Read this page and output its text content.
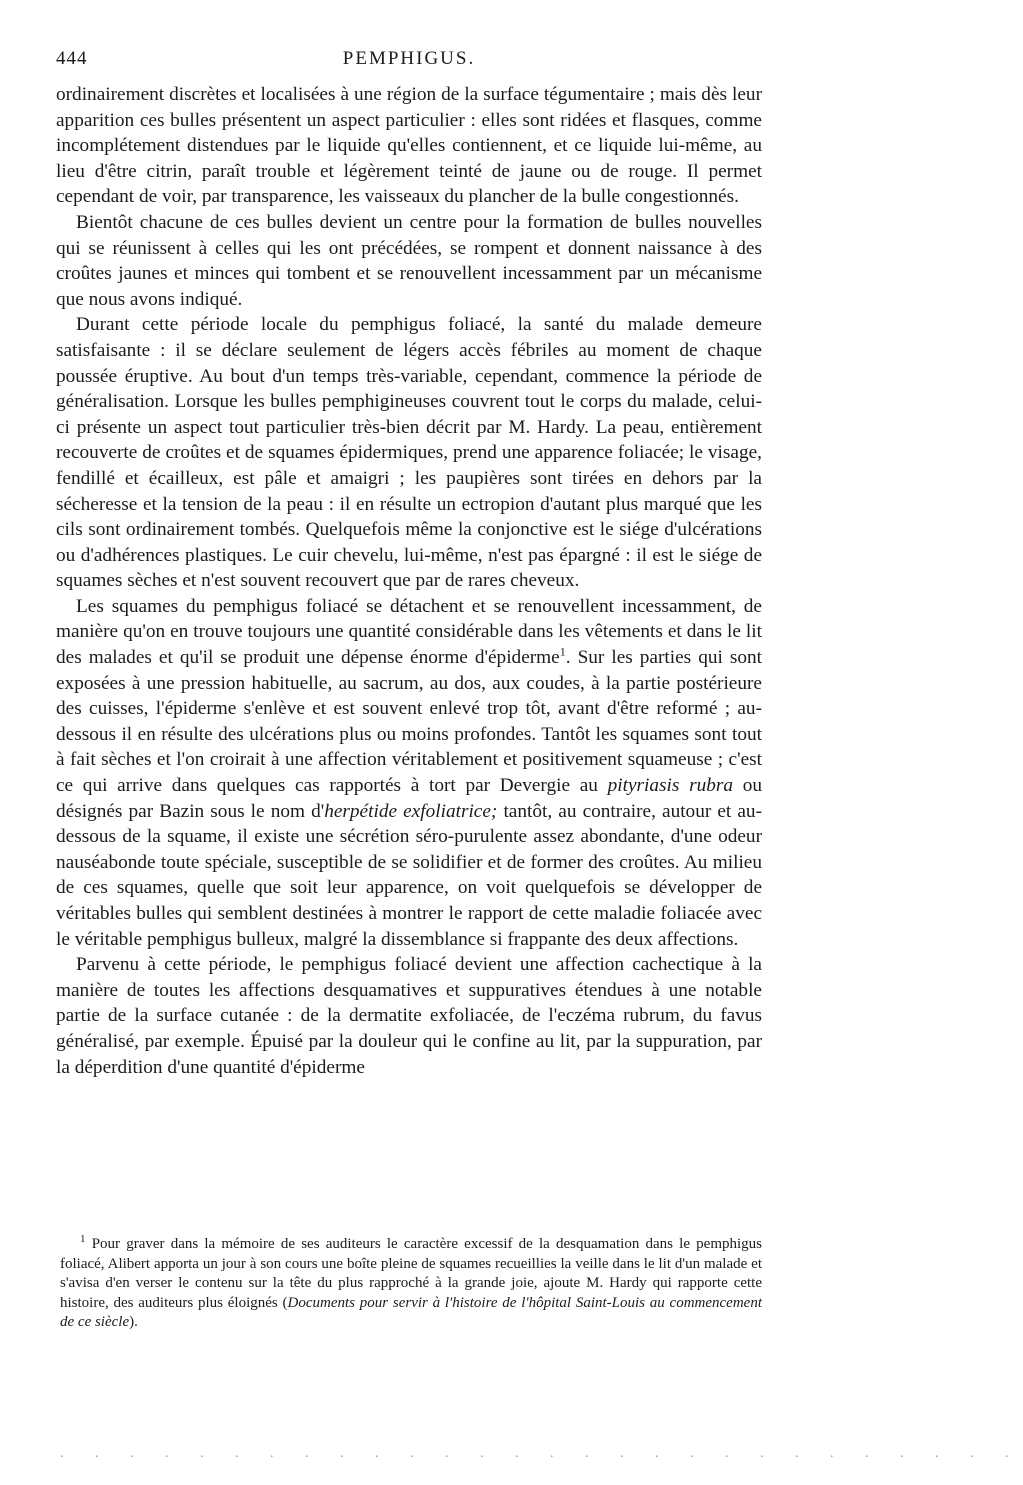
444	PEMPHIGUS.

ordinairement discrètes et localisées à une région de la surface tégumentaire ; mais dès leur apparition ces bulles présentent un aspect particulier : elles sont ridées et flasques, comme incomplétement distendues par le liquide qu'elles contiennent, et ce liquide lui-même, au lieu d'être citrin, paraît trouble et légèrement teinté de jaune ou de rouge. Il permet cependant de voir, par transparence, les vaisseaux du plancher de la bulle congestionnés.

Bientôt chacune de ces bulles devient un centre pour la formation de bulles nouvelles qui se réunissent à celles qui les ont précédées, se rompent et donnent naissance à des croûtes jaunes et minces qui tombent et se renouvellent incessamment par un mécanisme que nous avons indiqué.

Durant cette période locale du pemphigus foliacé, la santé du malade demeure satisfaisante : il se déclare seulement de légers accès fébriles au moment de chaque poussée éruptive. Au bout d'un temps très-variable, cependant, commence la période de généralisation. Lorsque les bulles pemphigineuses couvrent tout le corps du malade, celui-ci présente un aspect tout particulier très-bien décrit par M. Hardy. La peau, entièrement recouverte de croûtes et de squames épidermiques, prend une apparence foliacée; le visage, fendillé et écailleux, est pâle et amaigri ; les paupières sont tirées en dehors par la sécheresse et la tension de la peau : il en résulte un ectropion d'autant plus marqué que les cils sont ordinairement tombés. Quelquefois même la conjonctive est le siége d'ulcérations ou d'adhérences plastiques. Le cuir chevelu, lui-même, n'est pas épargné : il est le siége de squames sèches et n'est souvent recouvert que par de rares cheveux.

Les squames du pemphigus foliacé se détachent et se renouvellent incessamment, de manière qu'on en trouve toujours une quantité considérable dans les vêtements et dans le lit des malades et qu'il se produit une dépense énorme d'épiderme$^1$. Sur les parties qui sont exposées à une pression habituelle, au sacrum, au dos, aux coudes, à la partie postérieure des cuisses, l'épiderme s'enlève et est souvent enlevé trop tôt, avant d'être reformé ; au-dessous il en résulte des ulcérations plus ou moins profondes. Tantôt les squames sont tout à fait sèches et l'on croirait à une affection véritablement et positivement squameuse ; c'est ce qui arrive dans quelques cas rapportés à tort par Devergie au pityriasis rubra ou désignés par Bazin sous le nom d'herpétide exfoliatrice; tantôt, au contraire, autour et au-dessous de la squame, il existe une sécrétion séro-purulente assez abondante, d'une odeur nauséabonde toute spéciale, susceptible de se solidifier et de former des croûtes. Au milieu de ces squames, quelle que soit leur apparence, on voit quelquefois se développer de véritables bulles qui semblent destinées à montrer le rapport de cette maladie foliacée avec le véritable pemphigus bulleux, malgré la dissemblance si frappante des deux affections.

Parvenu à cette période, le pemphigus foliacé devient une affection cachectique à la manière de toutes les affections desquamatives et suppuratives étendues à une notable partie de la surface cutanée : de la dermatite exfoliacée, de l'eczéma rubrum, du favus généralisé, par exemple. Épuisé par la douleur qui le confine au lit, par la suppuration, par la déperdition d'une quantité d'épiderme

$^1$ Pour graver dans la mémoire de ses auditeurs le caractère excessif de la desquamation dans le pemphigus foliacé, Alibert apporta un jour à son cours une boîte pleine de squames recueillies la veille dans le lit d'un malade et s'avisa d'en verser le contenu sur la tête du plus rapproché à la grande joie, ajoute M. Hardy qui rapporte cette histoire, des auditeurs plus éloignés (Documents pour servir à l'histoire de l'hôpital Saint-Louis au commencement de ce siècle).

. . . . . . . . . . . . . . . . . . . . . . . . . . . .
